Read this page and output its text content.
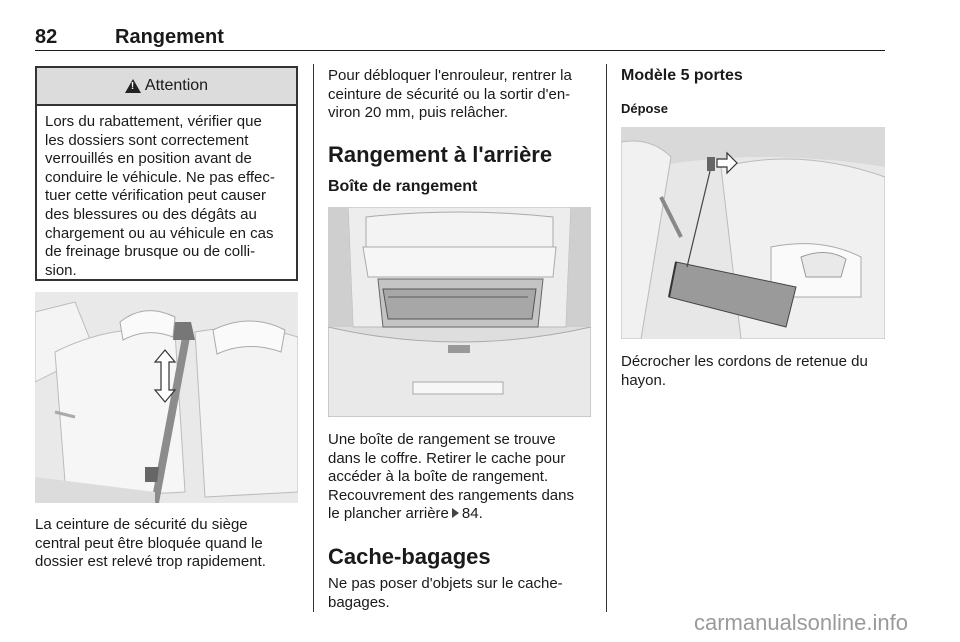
82	Rangement
!
Attention
Lors du rabattement, vérifier que
les dossiers sont correctement
verrouillés en position avant de
conduire le véhicule. Ne pas effec-
tuer cette vérification peut causer
des blessures ou des dégâts au
chargement ou au véhicule en cas
de freinage brusque ou de colli-
sion.
La ceinture de sécurité du siège
central peut être bloquée quand le
dossier est relevé trop rapidement.
Pour débloquer l'enrouleur, rentrer la
ceinture de sécurité ou la sortir d'en-
viron 20 mm, puis relâcher.
Rangement à l'arrière
Boîte de rangement
Une boîte de rangement se trouve
dans le coffre. Retirer le cache pour
accéder à la boîte de rangement.
Recouvrement des rangements dans
le plancher arrière 84.
Cache-bagages
Ne pas poser d'objets sur le cache-
bagages.
Modèle 5 portes
Dépose
Décrocher les cordons de retenue du
hayon.
carmanualsonline.info
